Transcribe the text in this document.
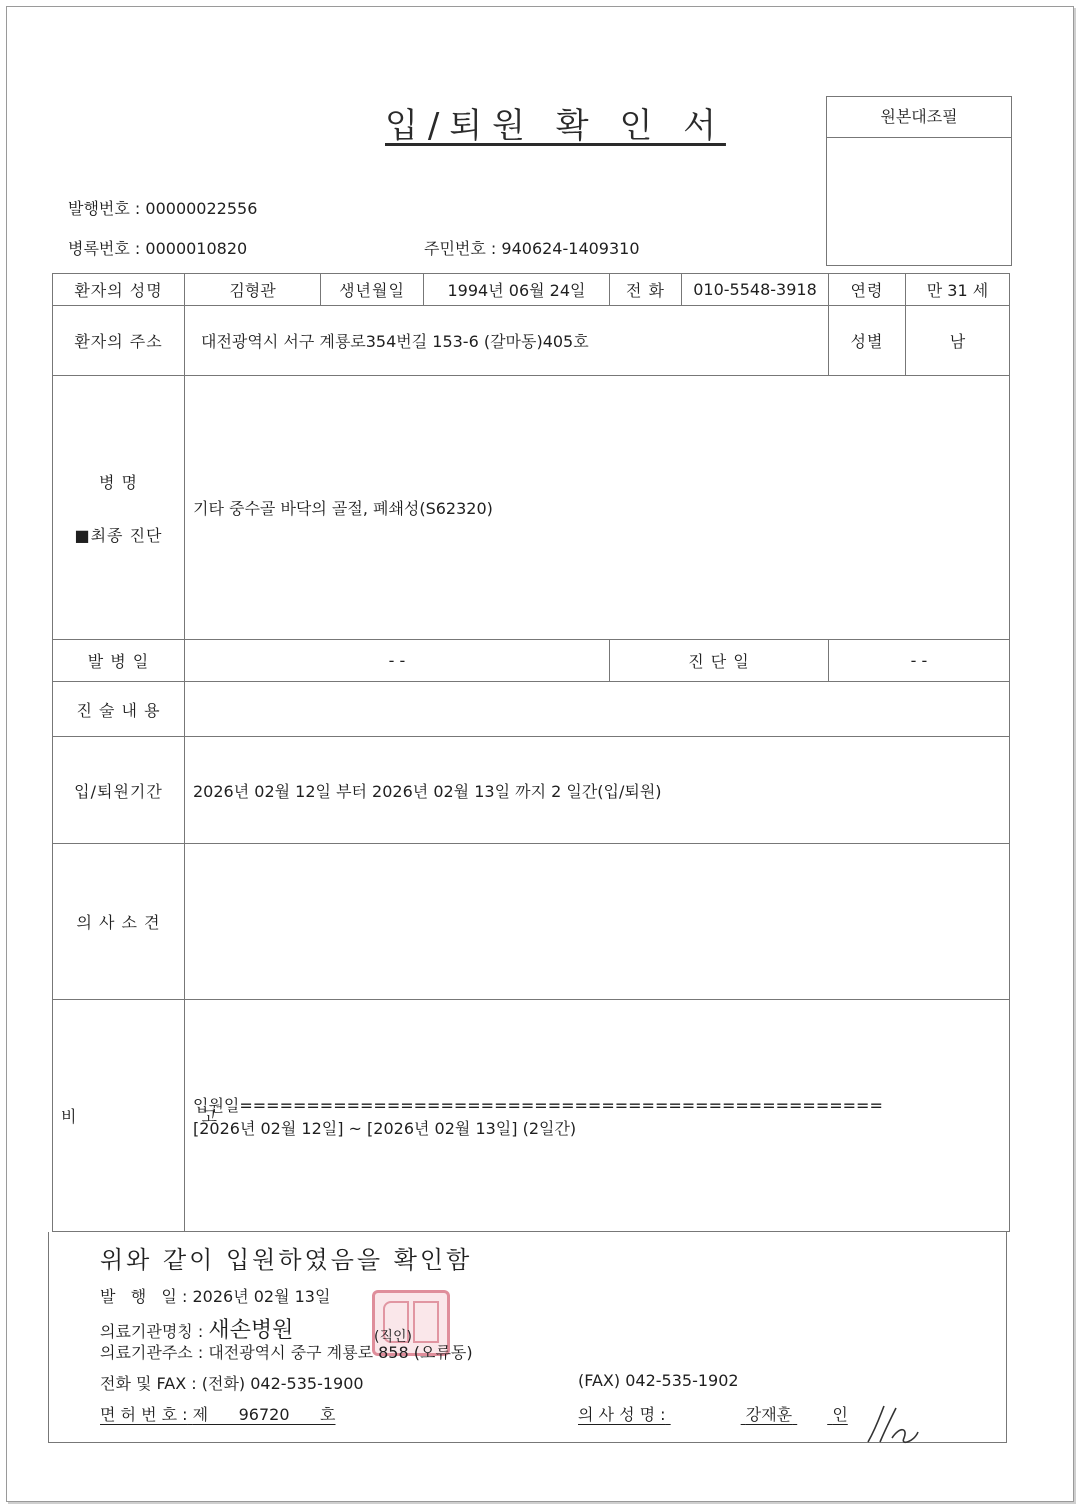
입/퇴원 확 인 서	원본대조필
발행번호 : 00000022556
병록번호 : 0000010820	주민번호 : 940624-1409310
환자의 성명	김형관	생년월일	1994년 06월 24일	전 화	010-5548-3918	연령	만 31 세
환자의 주소	대전광역시 서구 계룡로354번길 153-6 (갈마동)405호					성별	남

병 명
■최종 진단	기타 중수골 바닥의 골절, 폐쇄성(S62320)						
발 병 일	- -			진 단 일		- -	
진 술 내 용							
입/퇴원기간	2026년 02월 12일 부터 2026년 02월 13일 까지 2 일간(입/퇴원)						
의 사 소 견							
비 고	입원일================================================
[2026년 02월 12일] ~ [2026년 02월 13일] (2일간)						
위와 같이 입원하였음을 확인함
발   행   일 : 2026년 02월 13일
의료기관명칭 : 새손병원	(직인)
의료기관주소 : 대전광역시 중구 계룡로 858 (오류동)
전화 및 FAX : (전화) 042-535-1900	(FAX) 042-535-1902
면 허 번 호 : 제      96720      호	의 사 성 명 :	강재훈	인
